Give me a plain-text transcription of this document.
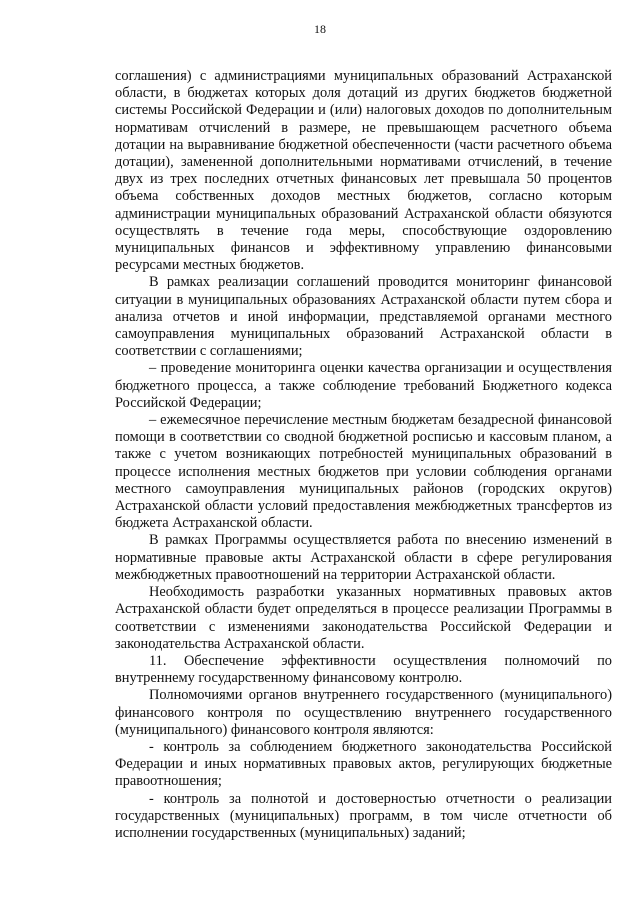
18

соглашения) с администрациями муниципальных образований Астраханской области, в бюджетах которых доля дотаций из других бюджетов бюджетной системы Российской Федерации и (или) налоговых доходов по дополнительным нормативам отчислений в размере, не превышающем расчетного объема дотации на выравнивание бюджетной обеспеченности (части расчетного объема дотации), замененной дополнительными нормативами отчислений, в течение двух из трех последних отчетных финансовых лет превышала 50 процентов объема собственных доходов местных бюджетов, согласно которым администрации муниципальных образований Астраханской области обязуются осуществлять в течение года меры, способствующие оздоровлению муниципальных финансов и эффективному управлению финансовыми ресурсами местных бюджетов.

В рамках реализации соглашений проводится мониторинг финансовой ситуации в муниципальных образованиях Астраханской области путем сбора и анализа отчетов и иной информации, представляемой органами местного самоуправления муниципальных образований Астраханской области в соответствии с соглашениями;

– проведение мониторинга оценки качества организации и осуществления бюджетного процесса, а также соблюдение требований Бюджетного кодекса Российской Федерации;

– ежемесячное перечисление местным бюджетам безадресной финансовой помощи в соответствии со сводной бюджетной росписью и кассовым планом, а также с учетом возникающих потребностей муниципальных образований в процессе исполнения местных бюджетов при условии соблюдения органами местного самоуправления муниципальных районов (городских округов) Астраханской области условий предоставления межбюджетных трансфертов из бюджета Астраханской области.

В рамках Программы осуществляется работа по внесению изменений в нормативные правовые акты Астраханской области в сфере регулирования межбюджетных правоотношений на территории Астраханской области.

Необходимость разработки указанных нормативных правовых актов Астраханской области будет определяться в процессе реализации Программы в соответствии с изменениями законодательства Российской Федерации и законодательства Астраханской области.

11. Обеспечение эффективности осуществления полномочий по внутреннему государственному финансовому контролю.

Полномочиями органов внутреннего государственного (муниципального) финансового контроля по осуществлению внутреннего государственного (муниципального) финансового контроля являются:

- контроль за соблюдением бюджетного законодательства Российской Федерации и иных нормативных правовых актов, регулирующих бюджетные правоотношения;

- контроль за полнотой и достоверностью отчетности о реализации государственных (муниципальных) программ, в том числе отчетности об исполнении государственных (муниципальных) заданий;
